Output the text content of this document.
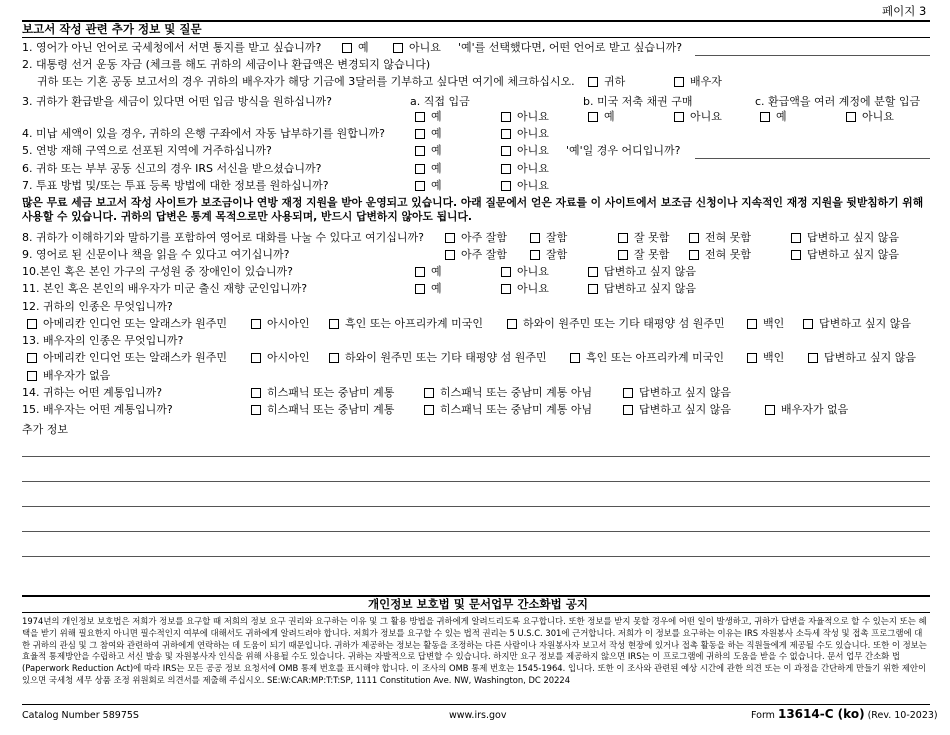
페이지 3
보고서 작성 관련 추가 정보 및 질문
1. 영어가 아닌 언어로 국세청에서 서면 통지를 받고 싶습니까?	예	아니요 '예'를 선택했다면, 어떤 언어로 받고 싶습니까?
2. 대통령 선거 운동 자금 (체크를 해도 귀하의 세금이나 환급액은 변경되지 않습니다)
귀하 또는 기혼 공동 보고서의 경우 귀하의 배우자가 해당 기금에 3달러를 기부하고 싶다면 여기에 체크하십시오.	귀하	배우자
3. 귀하가 환급받을 세금이 있다면 어떤 입금 방식을 원하십니까?	a. 직접 입금	b. 미국 저축 채권 구매	c. 환급액을 여러 계정에 분할 입금
예	아니요	예	아니요	예	아니요
4. 미납 세액이 있을 경우, 귀하의 은행 구좌에서 자동 납부하기를 원합니까?	예	아니요
5. 연방 재해 구역으로 선포된 지역에 거주하십니까?	예	아니요 '예'일 경우 어디입니까?
6. 귀하 또는 부부 공동 신고의 경우 IRS 서신을 받으셨습니까?	예	아니요
7. 투표 방법 및/또는 투표 등록 방법에 대한 정보를 원하십니까?	예	아니요
많은 무료 세금 보고서 작성 사이트가 보조금이나 연방 재정 지원을 받아 운영되고 있습니다. 아래 질문에서 얻은 자료를 이 사이트에서 보조금 신청이나 지속적인 재정 지원을 뒷받침하기 위해 사용할 수 있습니다. 귀하의 답변은 통계 목적으로만 사용되며, 반드시 답변하지 않아도 됩니다.
8. 귀하가 이해하기와 말하기를 포함하여 영어로 대화를 나눌 수 있다고 여기십니까?	아주 잘함	잘함	잘 못함	전혀 못함	답변하고 싶지 않음
9. 영어로 된 신문이나 책을 읽을 수 있다고 여기십니까?	아주 잘함	잘함	잘 못함	전혀 못함	답변하고 싶지 않음
10.본인 혹은 본인 가구의 구성원 중 장애인이 있습니까?	예	아니요	답변하고 싶지 않음
11. 본인 혹은 본인의 배우자가 미군 출신 재향 군인입니까?	예	아니요	답변하고 싶지 않음
12. 귀하의 인종은 무엇입니까?
아메리칸 인디언 또는 알래스카 원주민	아시아인	흑인 또는 아프리카계 미국인	하와이 원주민 또는 기타 태평양 섬 원주민	백인	답변하고 싶지 않음
13. 배우자의 인종은 무엇입니까?
아메리칸 인디언 또는 알래스카 원주민	아시아인	하와이 원주민 또는 기타 태평양 섬 원주민	흑인 또는 아프리카계 미국인	백인	답변하고 싶지 않음
배우자가 없음
14. 귀하는 어떤 계통입니까?	히스패닉 또는 중남미 계통	히스패닉 또는 중남미 계통 아님	답변하고 싶지 않음
15. 배우자는 어떤 계통입니까?	히스패닉 또는 중남미 계통	히스패닉 또는 중남미 계통 아님	답변하고 싶지 않음	배우자가 없음
추가 정보
개인정보 보호법 및 문서업무 간소화법 공지
1974년의 개인정보 보호법은 저희가 정보를 요구할 때 저희의 정보 요구 권리와 요구하는 이유 및 그 활용 방법을 귀하에게 알려드리도록 요구합니다. 또한 정보를 받지 못할 경우에 어떤 일이 발생하고, 귀하가 답변을 자율적으로 할 수 있는지 또는 혜택을 받기 위해 필요한지 아니면 필수적인지 여부에 대해서도 귀하에게 알려드려야 합니다. 저희가 정보를 요구할 수 있는 법적 권리는 5 U.S.C. 301에 근거합니다. 저희가 이 정보를 요구하는 이유는 IRS 자원봉사 소득세 작성 및 접촉 프로그램에 대한 귀하의 관심 및 그 참여와 관련하여 귀하에게 연락하는 데 도움이 되기 때문입니다. 귀하가 제공하는 정보는 활동을 조정하는 다른 사람이나 자원봉사자 보고서 작성 현장에 있거나 접촉 활동을 하는 직원들에게 제공될 수도 있습니다. 또한 이 정보는 효율적 통제방안을 수립하고 서신 발송 및 자원봉사자 인식을 위해 사용될 수도 있습니다. 귀하는 자발적으로 답변할 수 있습니다. 하지만 요구 정보를 제공하지 않으면 IRS는 이 프로그램에 귀하의 도움을 받을 수 없습니다. 문서 업무 간소화 법(Paperwork Reduction Act)에 따라 IRS는 모든 공공 정보 요청서에 OMB 통제 번호를 표시해야 합니다. 이 조사의 OMB 통제 번호는 1545-1964. 입니다. 또한 이 조사와 관련된 예상 시간에 관한 의견 또는 이 과정을 간단하게 만들기 위한 제안이 있으면 국세청 세무 상품 조정 위원회로 의견서를 제출해 주십시오. SE:W:CAR:MP:T:T:SP, 1111 Constitution Ave. NW, Washington, DC 20224
Catalog Number 58975S	www.irs.gov	Form 13614-C (ko) (Rev. 10-2023)
